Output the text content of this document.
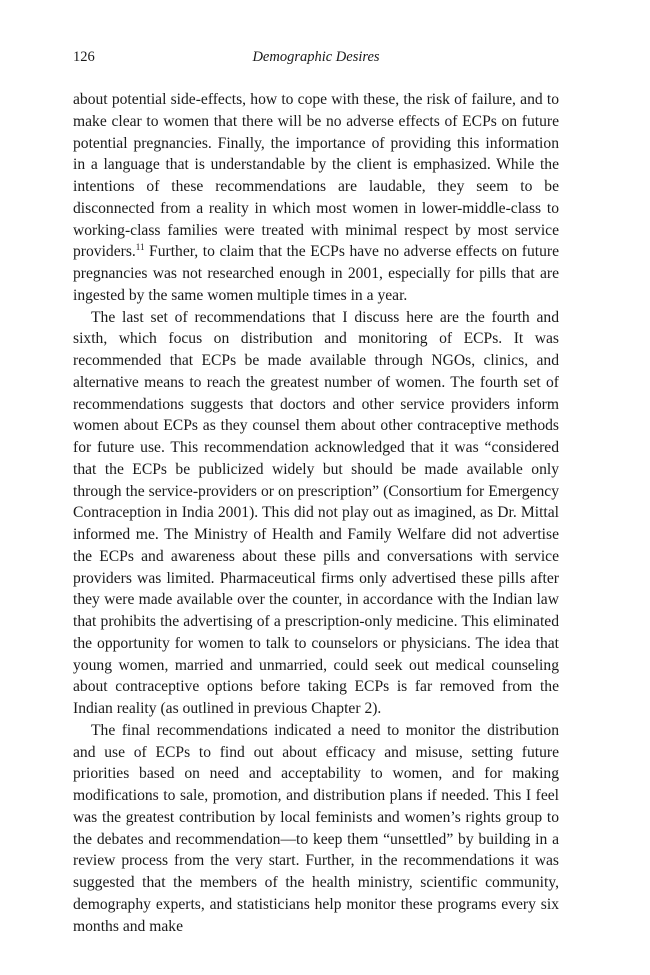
126	Demographic Desires

about potential side-effects, how to cope with these, the risk of failure, and to make clear to women that there will be no adverse effects of ECPs on future potential pregnancies. Finally, the importance of providing this information in a language that is understandable by the client is emphasized. While the intentions of these recommendations are laudable, they seem to be disconnected from a reality in which most women in lower-middle-class to working-class families were treated with minimal respect by most service providers.$^{11}$ Further, to claim that the ECPs have no adverse effects on future pregnancies was not researched enough in 2001, especially for pills that are ingested by the same women multiple times in a year.

The last set of recommendations that I discuss here are the fourth and sixth, which focus on distribution and monitoring of ECPs. It was recommended that ECPs be made available through NGOs, clinics, and alternative means to reach the greatest number of women. The fourth set of recommendations suggests that doctors and other service providers inform women about ECPs as they counsel them about other contraceptive methods for future use. This recommendation acknowledged that it was “considered that the ECPs be publicized widely but should be made available only through the service-providers or on prescription” (Consortium for Emergency Contraception in India 2001). This did not play out as imagined, as Dr. Mittal informed me. The Ministry of Health and Family Welfare did not advertise the ECPs and awareness about these pills and conversations with service providers was limited. Pharmaceutical firms only advertised these pills after they were made available over the counter, in accordance with the Indian law that prohibits the advertising of a prescription-only medicine. This eliminated the opportunity for women to talk to counselors or physicians. The idea that young women, married and unmarried, could seek out medical counseling about contraceptive options before taking ECPs is far removed from the Indian reality (as outlined in previous Chapter 2).

The final recommendations indicated a need to monitor the distribution and use of ECPs to find out about efficacy and misuse, setting future priorities based on need and acceptability to women, and for making modifications to sale, promotion, and distribution plans if needed. This I feel was the greatest contribution by local feminists and women’s rights group to the debates and recommendation—to keep them “unsettled” by building in a review process from the very start. Further, in the recommendations it was suggested that the members of the health ministry, scientific community, demography experts, and statisticians help monitor these programs every six months and make
